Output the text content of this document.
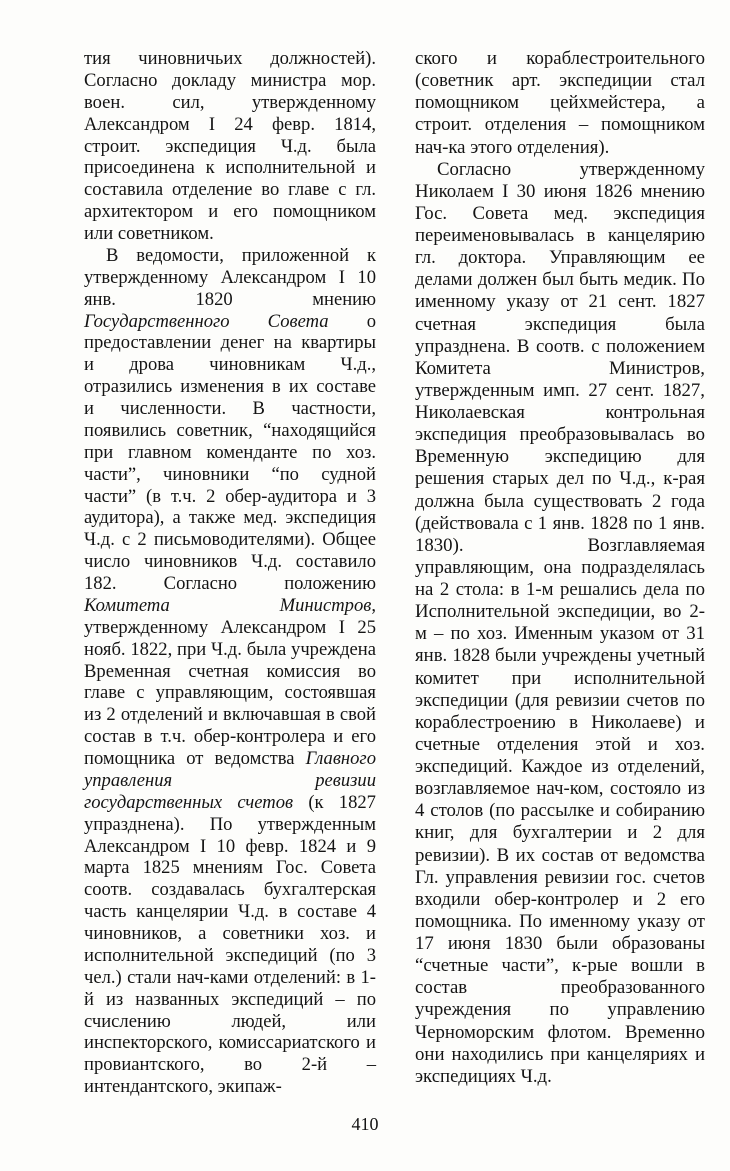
тия чиновничьих должностей). Согласно докладу министра мор. воен. сил, утвержденному Александром I 24 февр. 1814, строит. экспедиция Ч.д. была присоединена к исполнительной и составила отделение во главе с гл. архитектором и его помощником или советником.

В ведомости, приложенной к утвержденному Александром I 10 янв. 1820 мнению Государственного Совета о предоставлении денег на квартиры и дрова чиновникам Ч.д., отразились изменения в их составе и численности. В частности, появились советник, “находящийся при главном коменданте по хоз. части”, чиновники “по судной части” (в т.ч. 2 обер-аудитора и 3 аудитора), а также мед. экспедиция Ч.д. с 2 письмоводителями). Общее число чиновников Ч.д. составило 182. Согласно положению Комитета Министров, утвержденному Александром I 25 нояб. 1822, при Ч.д. была учреждена Временная счетная комиссия во главе с управляющим, состоявшая из 2 отделений и включавшая в свой состав в т.ч. обер-контролера и его помощника от ведомства Главного управления ревизии государственных счетов (к 1827 упразднена). По утвержденным Александром I 10 февр. 1824 и 9 марта 1825 мнениям Гос. Совета соотв. создавалась бухгалтерская часть канцелярии Ч.д. в составе 4 чиновников, а советники хоз. и исполнительной экспедиций (по 3 чел.) стали нач-ками отделений: в 1-й из названных экспедиций – по счислению людей, или инспекторского, комиссариатского и провиантского, во 2-й – интендантского, экипаж-

ского и кораблестроительного (советник арт. экспедиции стал помощником цейхмейстера, а строит. отделения – помощником нач-ка этого отделения).

Согласно утвержденному Николаем I 30 июня 1826 мнению Гос. Совета мед. экспедиция переименовывалась в канцелярию гл. доктора. Управляющим ее делами должен был быть медик. По именному указу от 21 сент. 1827 счетная экспедиция была упразднена. В соотв. с положением Комитета Министров, утвержденным имп. 27 сент. 1827, Николаевская контрольная экспедиция преобразовывалась во Временную экспедицию для решения старых дел по Ч.д., к-рая должна была существовать 2 года (действовала с 1 янв. 1828 по 1 янв. 1830). Возглавляемая управляющим, она подразделялась на 2 стола: в 1-м решались дела по Исполнительной экспедиции, во 2-м – по хоз. Именным указом от 31 янв. 1828 были учреждены учетный комитет при исполнительной экспедиции (для ревизии счетов по кораблестроению в Николаеве) и счетные отделения этой и хоз. экспедиций. Каждое из отделений, возглавляемое нач-ком, состояло из 4 столов (по рассылке и собиранию книг, для бухгалтерии и 2 для ревизии). В их состав от ведомства Гл. управления ревизии гос. счетов входили обер-контролер и 2 его помощника. По именному указу от 17 июня 1830 были образованы “счетные части”, к-рые вошли в состав преобразованного учреждения по управлению Черноморским флотом. Временно они находились при канцеляриях и экспедициях Ч.д.

410
